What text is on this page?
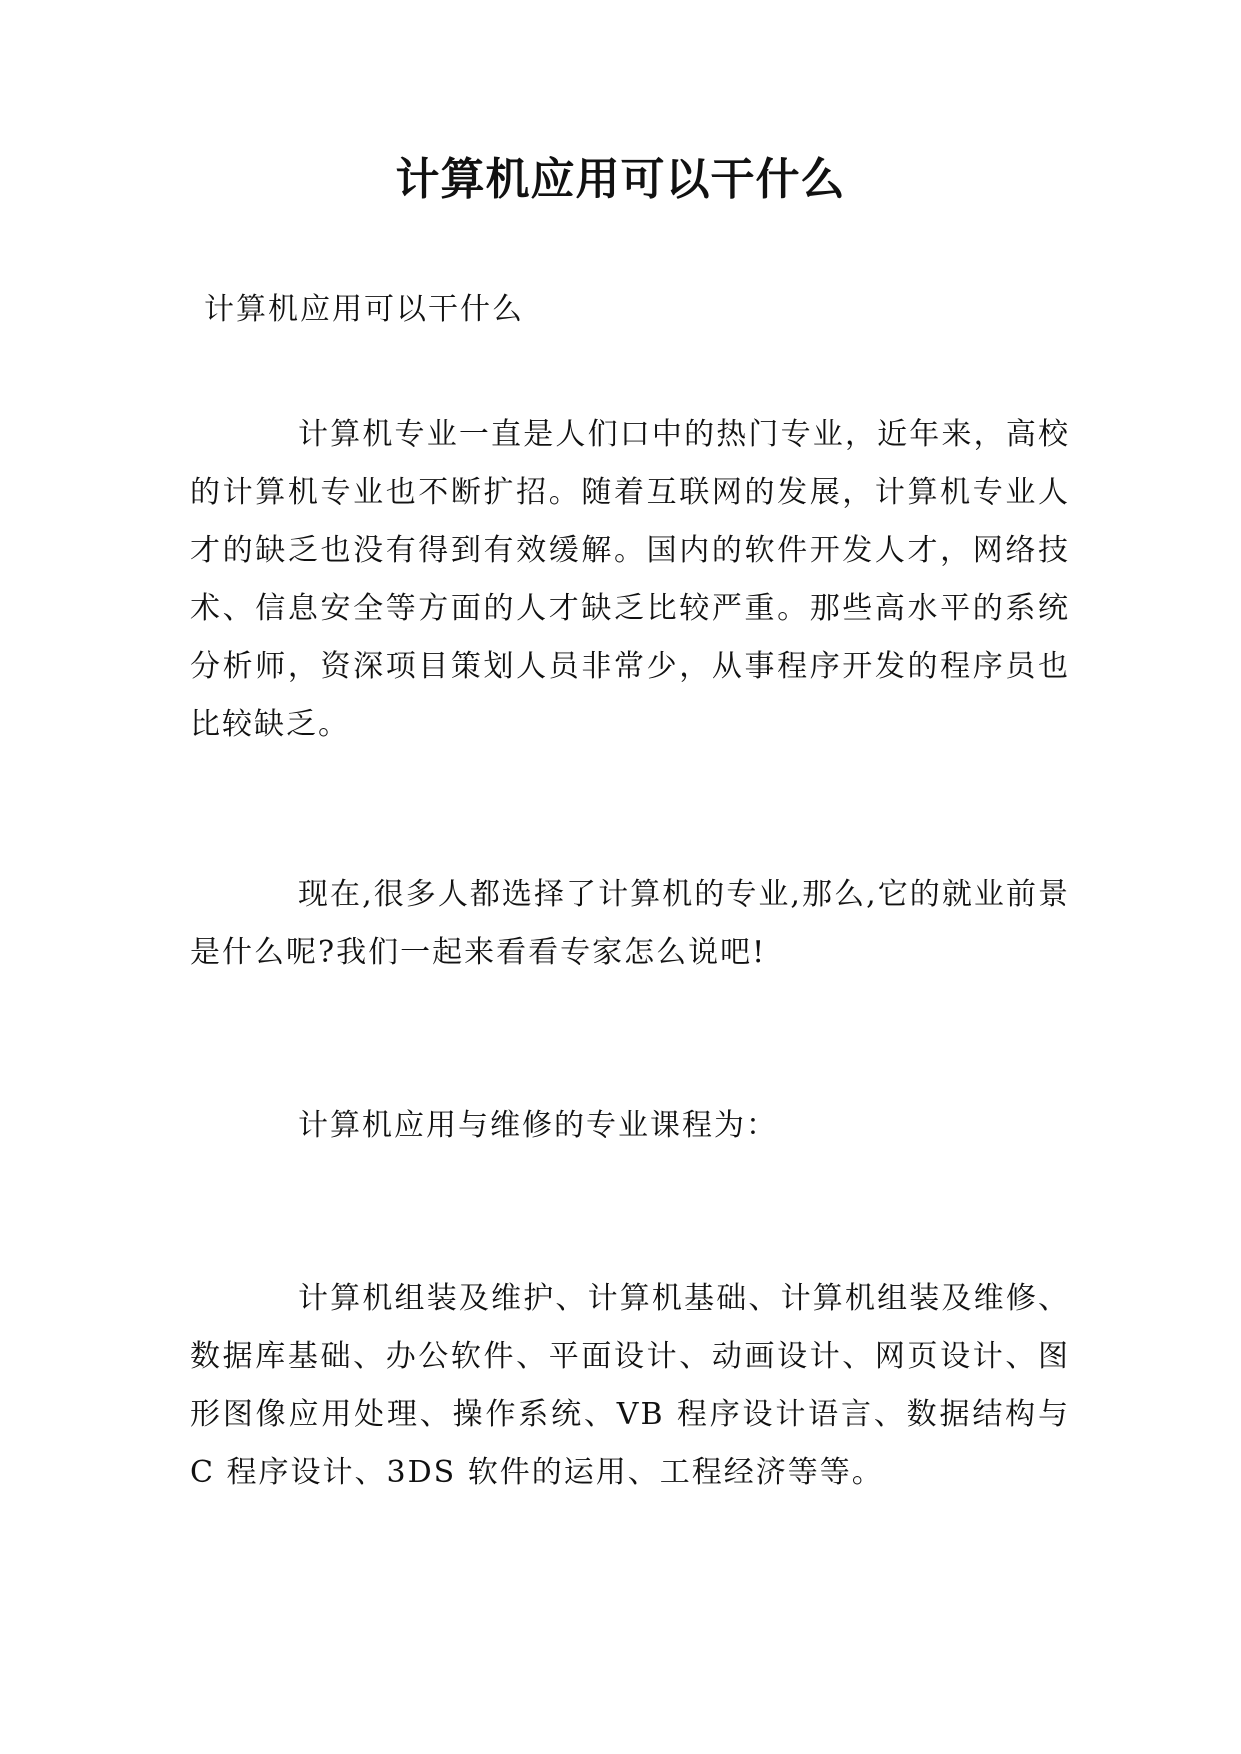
计算机应用可以干什么

计算机应用可以干什么

计算机专业一直是人们口中的热门专业，近年来，高校的计算机专业也不断扩招。随着互联网的发展，计算机专业人才的缺乏也没有得到有效缓解。国内的软件开发人才，网络技术、信息安全等方面的人才缺乏比较严重。那些高水平的系统分析师，资深项目策划人员非常少，从事程序开发的程序员也比较缺乏。

现在,很多人都选择了计算机的专业,那么,它的就业前景是什么呢?我们一起来看看专家怎么说吧!

计算机应用与维修的专业课程为：

计算机组装及维护、计算机基础、计算机组装及维修、数据库基础、办公软件、平面设计、动画设计、网页设计、图形图像应用处理、操作系统、VB 程序设计语言、数据结构与 C 程序设计、3DS 软件的运用、工程经济等等。
